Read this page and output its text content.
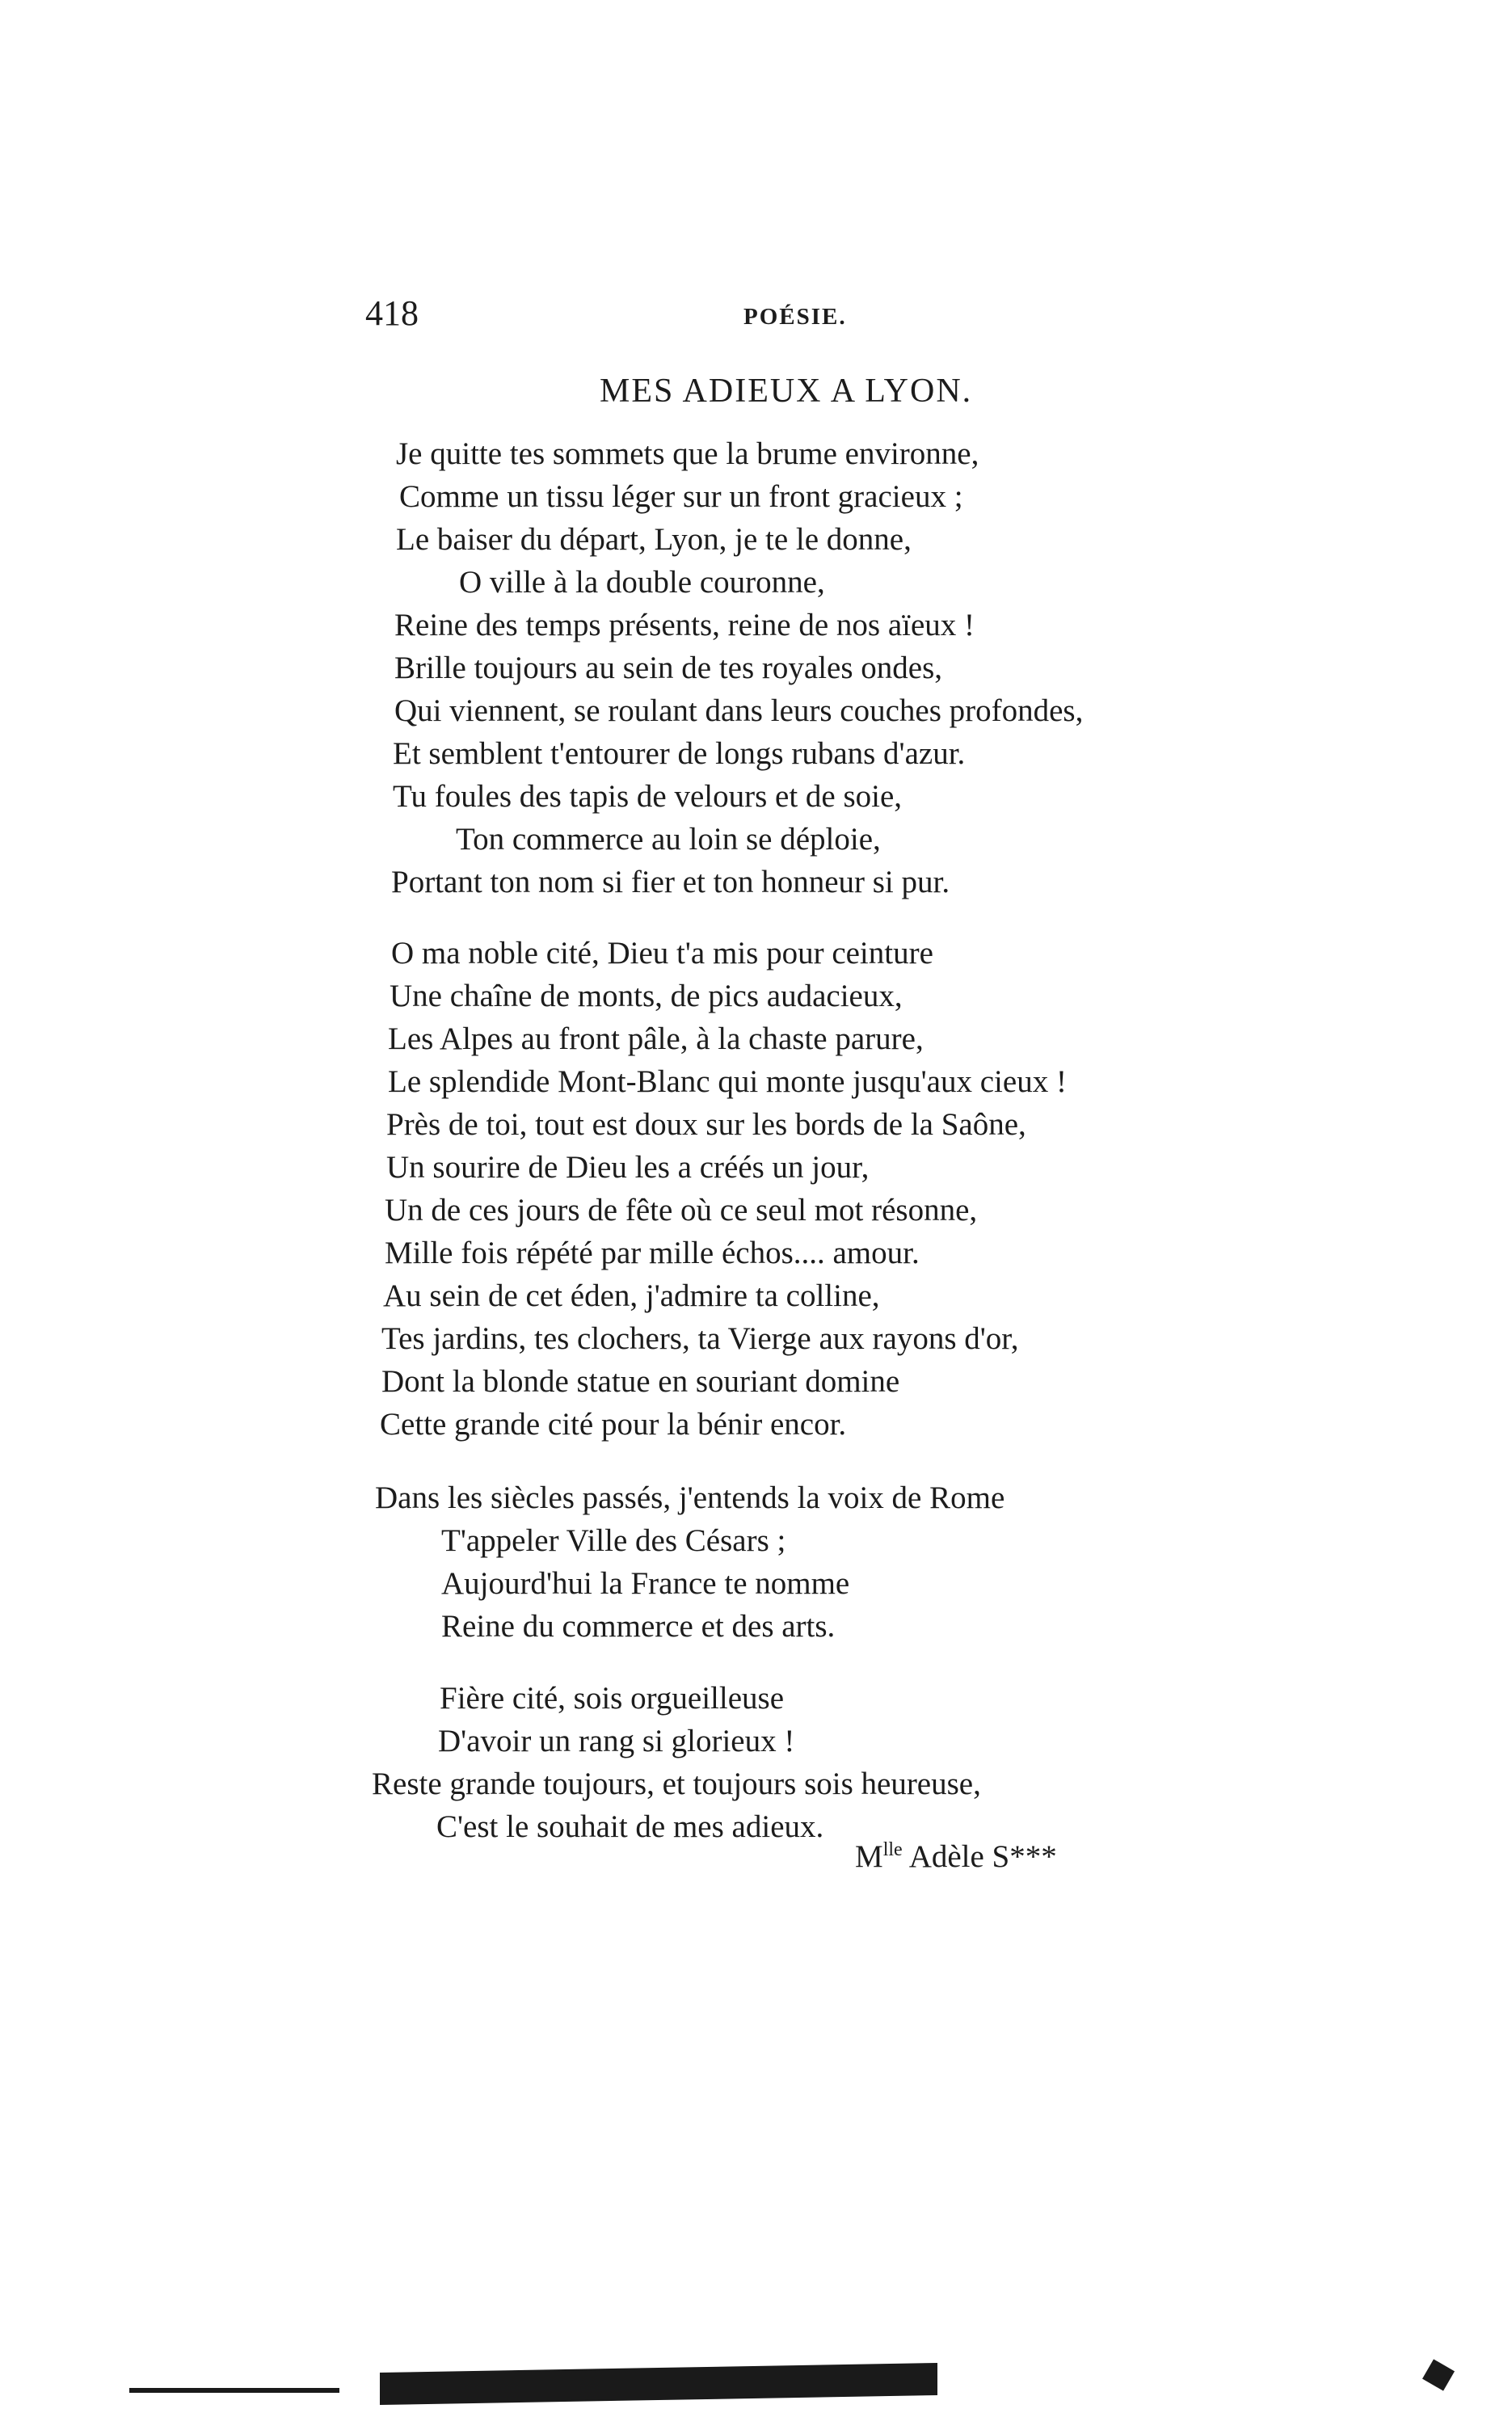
418	POÉSIE.
MES ADIEUX A LYON.
Je quitte tes sommets que la brume environne,
Comme un tissu léger sur un front gracieux ;
Le baiser du départ, Lyon, je te le donne,
O ville à la double couronne,
Reine des temps présents, reine de nos aïeux !
Brille toujours au sein de tes royales ondes,
Qui viennent, se roulant dans leurs couches profondes,
Et semblent t'entourer de longs rubans d'azur.
Tu foules des tapis de velours et de soie,
Ton commerce au loin se déploie,
Portant ton nom si fier et ton honneur si pur.
O ma noble cité, Dieu t'a mis pour ceinture
Une chaîne de monts, de pics audacieux,
Les Alpes au front pâle, à la chaste parure,
Le splendide Mont-Blanc qui monte jusqu'aux cieux !
Près de toi, tout est doux sur les bords de la Saône,
Un sourire de Dieu les a créés un jour,
Un de ces jours de fête où ce seul mot résonne,
Mille fois répété par mille échos.... amour.
Au sein de cet éden, j'admire ta colline,
Tes jardins, tes clochers, ta Vierge aux rayons d'or,
Dont la blonde statue en souriant domine
Cette grande cité pour la bénir encor.
Dans les siècles passés, j'entends la voix de Rome
T'appeler Ville des Césars ;
Aujourd'hui la France te nomme
Reine du commerce et des arts.
Fière cité, sois orgueilleuse
D'avoir un rang si glorieux !
Reste grande toujours, et toujours sois heureuse,
C'est le souhait de mes adieux.
$M^{lle}$ Adèle S***
